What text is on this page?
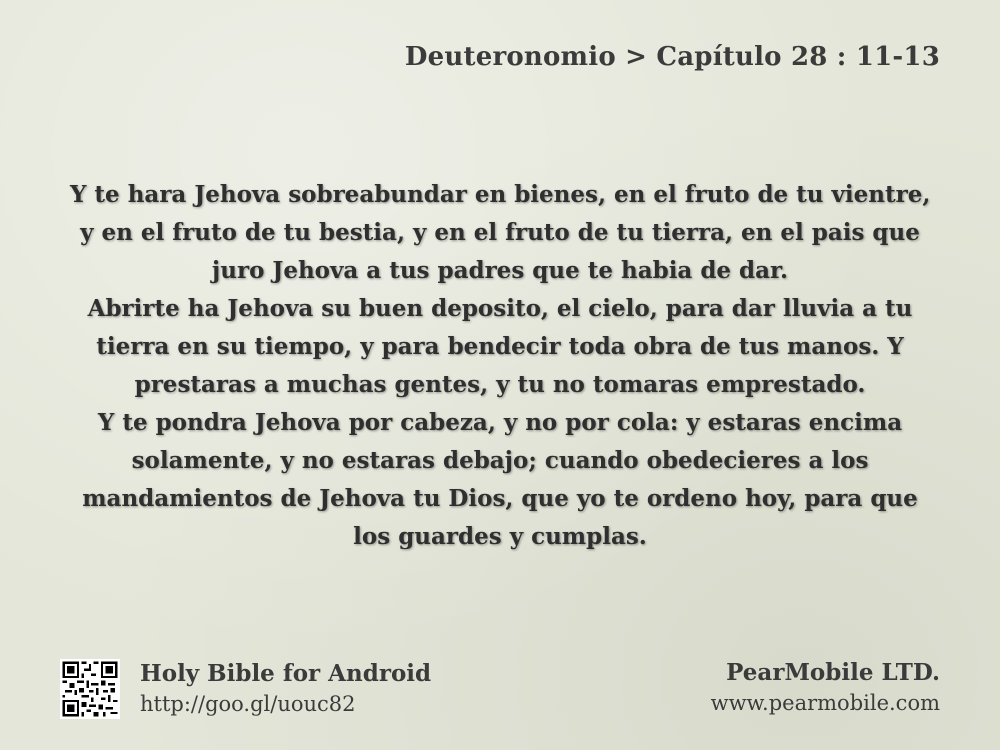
Deuteronomio > Capítulo 28 : 11-13
Y te hara Jehova sobreabundar en bienes, en el fruto de tu vientre,
y en el fruto de tu bestia, y en el fruto de tu tierra, en el pais que
juro Jehova a tus padres que te habia de dar.
Abrirte ha Jehova su buen deposito, el cielo, para dar lluvia a tu
tierra en su tiempo, y para bendecir toda obra de tus manos. Y
prestaras a muchas gentes, y tu no tomaras emprestado.
Y te pondra Jehova por cabeza, y no por cola: y estaras encima
solamente, y no estaras debajo; cuando obedecieres a los
mandamientos de Jehova tu Dios, que yo te ordeno hoy, para que
los guardes y cumplas.
Holy Bible for Android
http://goo.gl/uouc82
PearMobile LTD.
www.pearmobile.com
